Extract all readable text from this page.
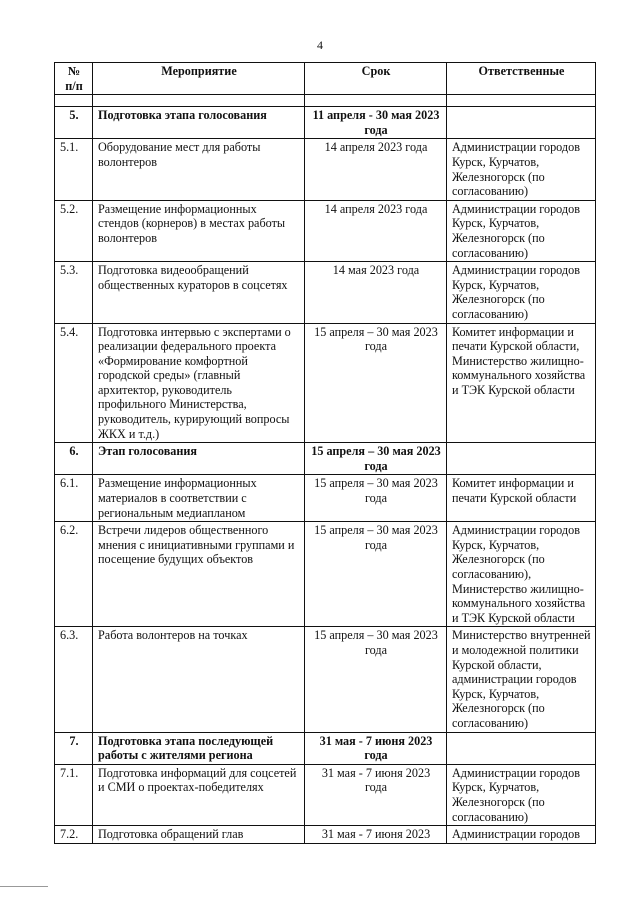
4
№
п/п	Мероприятие	Срок	Ответственные

5.	Подготовка этапа голосования	11 апреля - 30 мая 2023 года	
5.1.	Оборудование мест для работы волонтеров	14 апреля 2023 года	Администрации городов Курск, Курчатов, Железногорск (по согласованию)
5.2.	Размещение информационных стендов (корнеров) в местах работы волонтеров	14 апреля 2023 года	Администрации городов Курск, Курчатов, Железногорск (по согласованию)
5.3.	Подготовка видеообращений общественных кураторов в соцсетях	14 мая 2023 года	Администрации городов Курск, Курчатов, Железногорск (по согласованию)
5.4.	Подготовка интервью с экспертами о реализации федерального проекта «Формирование комфортной городской среды» (главный архитектор, руководитель профильного Министерства, руководитель, курирующий вопросы ЖКХ и т.д.)	15 апреля – 30 мая 2023 года	Комитет информации и печати Курской области, Министерство жилищно-коммунального хозяйства и ТЭК Курской области
6.	Этап голосования	15 апреля – 30 мая 2023 года	
6.1.	Размещение информационных материалов в соответствии с региональным медиапланом	15 апреля – 30 мая 2023 года	Комитет информации и печати Курской области
6.2.	Встречи лидеров общественного мнения с инициативными группами и посещение будущих объектов	15 апреля – 30 мая 2023 года	Администрации городов Курск, Курчатов, Железногорск (по согласованию), Министерство жилищно-коммунального хозяйства и ТЭК Курской области
6.3.	Работа волонтеров на точках	15 апреля – 30 мая 2023 года	Министерство внутренней и молодежной политики Курской области, администрации городов Курск, Курчатов, Железногорск (по согласованию)
7.	Подготовка этапа последующей работы с жителями региона	31 мая - 7 июня 2023 года	
7.1.	Подготовка информаций для соцсетей и СМИ о проектах-победителях	31 мая - 7 июня 2023 года	Администрации городов Курск, Курчатов, Железногорск (по согласованию)
7.2.	Подготовка обращений глав	31 мая - 7 июня 2023	Администрации городов
